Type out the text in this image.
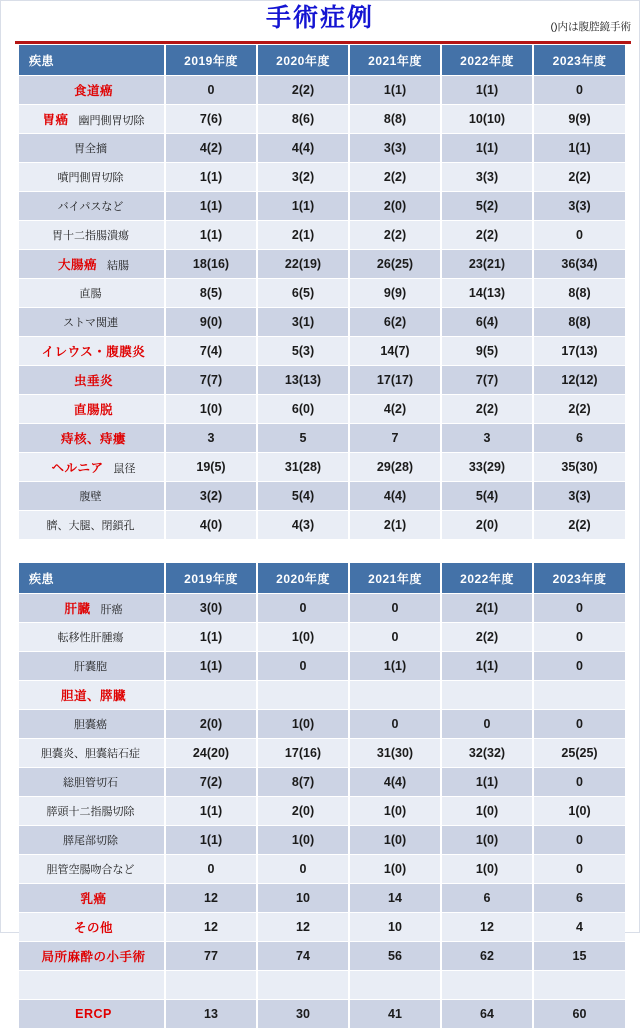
手術症例	()内は腹腔鏡手術
疾患	2019年度	2020年度	2021年度	2022年度	2023年度
食道癌	0	2(2)	1(1)	1(1)	0
胃癌 幽門側胃切除	7(6)	8(6)	8(8)	10(10)	9(9)

胃全摘	4(2)	4(4)	3(3)	1(1)	1(1)

噴門側胃切除	1(1)	3(2)	2(2)	3(3)	2(2)

バイパスなど	1(1)	1(1)	2(0)	5(2)	3(3)

胃十二指腸潰瘍	1(1)	2(1)	2(2)	2(2)	0
大腸癌 結腸	18(16)	22(19)	26(25)	23(21)	36(34)

直腸	8(5)	6(5)	9(9)	14(13)	8(8)

ストマ関連	9(0)	3(1)	6(2)	6(4)	8(8)
イレウス・腹膜炎	7(4)	5(3)	14(7)	9(5)	17(13)
虫垂炎	7(7)	13(13)	17(17)	7(7)	12(12)
直腸脱	1(0)	6(0)	4(2)	2(2)	2(2)
痔核、痔瘻	3	5	7	3	6
ヘルニア 鼠径	19(5)	31(28)	29(28)	33(29)	35(30)

腹壁	3(2)	5(4)	4(4)	5(4)	3(3)

臍、大腿、閉鎖孔	4(0)	4(3)	2(1)	2(0)	2(2)
疾患	2019年度	2020年度	2021年度	2022年度	2023年度
肝臓 肝癌	3(0)	0	0	2(1)	0

転移性肝腫瘍	1(1)	1(0)	0	2(2)	0

肝嚢胞	1(1)	0	1(1)	1(1)	0
胆道、膵臓					

胆嚢癌	2(0)	1(0)	0	0	0

胆嚢炎、胆嚢結石症	24(20)	17(16)	31(30)	32(32)	25(25)

総胆管切石	7(2)	8(7)	4(4)	1(1)	0

膵頭十二指腸切除	1(1)	2(0)	1(0)	1(0)	1(0)

膵尾部切除	1(1)	1(0)	1(0)	1(0)	0

胆管空腸吻合など	0	0	1(0)	1(0)	0
乳癌	12	10	14	6	6
その他	12	12	10	12	4
局所麻酔の小手術	77	74	56	62	15

ERCP	13	30	41	64	60
